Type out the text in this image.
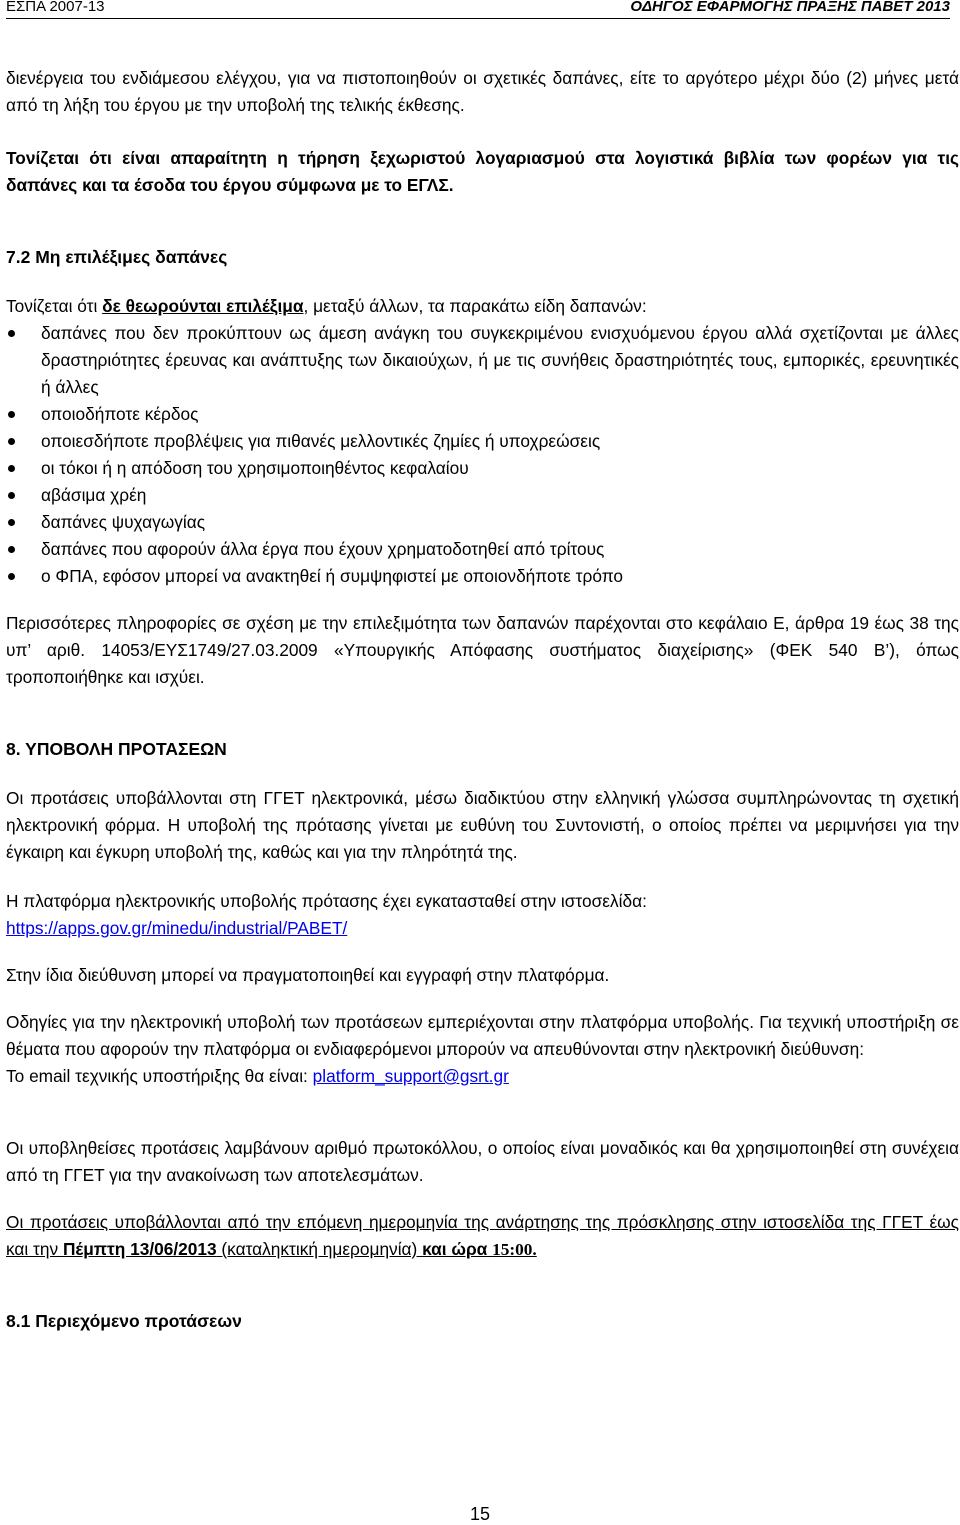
ΕΣΠΑ 2007-13	ΟΔΗΓΟΣ ΕΦΑΡΜΟΓΗΣ ΠΡΑΞΗΣ ΠΑΒΕΤ 2013

διενέργεια του ενδιάμεσου ελέγχου, για να πιστοποιηθούν οι σχετικές δαπάνες, είτε το αργότερο μέχρι δύο (2) μήνες μετά από τη λήξη του έργου με την υποβολή της τελικής έκθεσης.

Τονίζεται ότι είναι απαραίτητη η τήρηση ξεχωριστού λογαριασμού στα λογιστικά βιβλία των φορέων για τις δαπάνες και τα έσοδα του έργου σύμφωνα με το ΕΓΛΣ.

7.2 Μη επιλέξιμες δαπάνες

Τονίζεται ότι δε θεωρούνται επιλέξιμα, μεταξύ άλλων, τα παρακάτω είδη δαπανών:

δαπάνες που δεν προκύπτουν ως άμεση ανάγκη του συγκεκριμένου ενισχυόμενου έργου αλλά σχετίζονται με άλλες δραστηριότητες έρευνας και ανάπτυξης των δικαιούχων, ή με τις συνήθεις δραστηριότητές τους, εμπορικές, ερευνητικές ή άλλες
οποιοδήποτε κέρδος
οποιεσδήποτε προβλέψεις για πιθανές μελλοντικές ζημίες ή υποχρεώσεις
οι τόκοι ή η απόδοση του χρησιμοποιηθέντος κεφαλαίου
αβάσιμα χρέη
δαπάνες ψυχαγωγίας
δαπάνες που αφορούν άλλα έργα που έχουν χρηματοδοτηθεί από τρίτους
ο ΦΠΑ, εφόσον μπορεί να ανακτηθεί ή συμψηφιστεί με οποιονδήποτε τρόπο

Περισσότερες πληροφορίες σε σχέση με την επιλεξιμότητα των δαπανών παρέχονται στο κεφάλαιο Ε, άρθρα 19 έως 38 της υπ’ αριθ. 14053/ΕΥΣ1749/27.03.2009 «Υπουργικής Απόφασης συστήματος διαχείρισης» (ΦΕΚ 540 Β’), όπως τροποποιήθηκε και ισχύει.

8. ΥΠΟΒΟΛΗ ΠΡΟΤΑΣΕΩΝ

Οι προτάσεις υποβάλλονται στη ΓΓΕΤ ηλεκτρονικά, μέσω διαδικτύου στην ελληνική γλώσσα συμπληρώνοντας τη σχετική ηλεκτρονική φόρμα. Η υποβολή της πρότασης γίνεται με ευθύνη του Συντονιστή, ο οποίος πρέπει να μεριμνήσει για την έγκαιρη και έγκυρη υποβολή της, καθώς και για την πληρότητά της.

Η πλατφόρμα ηλεκτρονικής υποβολής πρότασης έχει εγκατασταθεί στην ιστοσελίδα:

https://apps.gov.gr/minedu/industrial/PABET/

Στην ίδια διεύθυνση μπορεί να πραγματοποιηθεί και εγγραφή στην πλατφόρμα.

Οδηγίες για την ηλεκτρονική υποβολή των προτάσεων εμπεριέχονται στην πλατφόρμα υποβολής. Για τεχνική υποστήριξη σε θέματα που αφορούν την πλατφόρμα οι ενδιαφερόμενοι μπορούν να απευθύνονται στην ηλεκτρονική διεύθυνση:

Το email τεχνικής υποστήριξης θα είναι: platform_support@gsrt.gr

Οι υποβληθείσες προτάσεις λαμβάνουν αριθμό πρωτοκόλλου, ο οποίος είναι μοναδικός και θα χρησιμοποιηθεί στη συνέχεια από τη ΓΓΕΤ για την ανακοίνωση των αποτελεσμάτων.

Οι προτάσεις υποβάλλονται από την επόμενη ημερομηνία της ανάρτησης της πρόσκλησης στην ιστοσελίδα της ΓΓΕΤ έως και την Πέμπτη 13/06/2013 (καταληκτική ημερομηνία) και ώρα 15:00.

8.1 Περιεχόμενο προτάσεων

15
